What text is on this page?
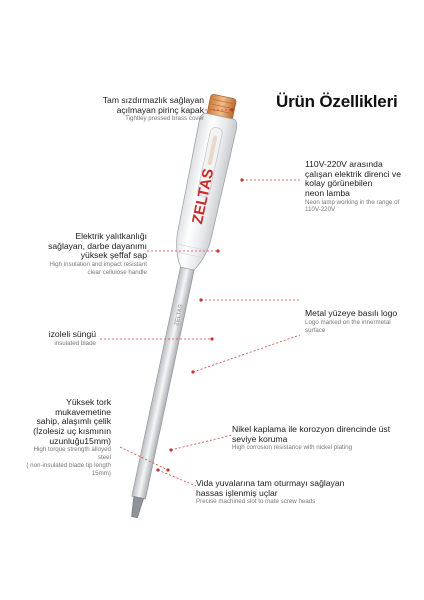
ZELTAS
ZELTAS
Ürün Özellikleri
Tam sızdırmazlık sağlayan
açılmayan pirinç kapak
Tightley pressed brass cover
110V-220V arasında
çalışan elektrik direnci ve
kolay görünebilen
neon lamba
Neon lamp working in the range of
110V-220V
Elektrik yalıtkanlığı
sağlayan, darbe dayanımı
yüksek şeffaf sap
High insulation and impact resistant
clear cellulose handle
Metal yüzeye basılı logo
Logo marked on the innermetal
surface
izoleli süngü
insulated blade
Yüksek tork
mukavemetine
sahip, alaşımlı çelik
(İzolesiz uç kısmının
uzunluğu15mm)
High torque strength alloyed
steel
( non-insulated blade tip length
15mm)
Nikel kaplama ile korozyon direncinde üst
seviye koruma
High corrosion resistance with nickel plating
Vida yuvalarına tam oturmayı sağlayan
hassas işlenmiş uçlar
Precise machined slot to mate screw heads
